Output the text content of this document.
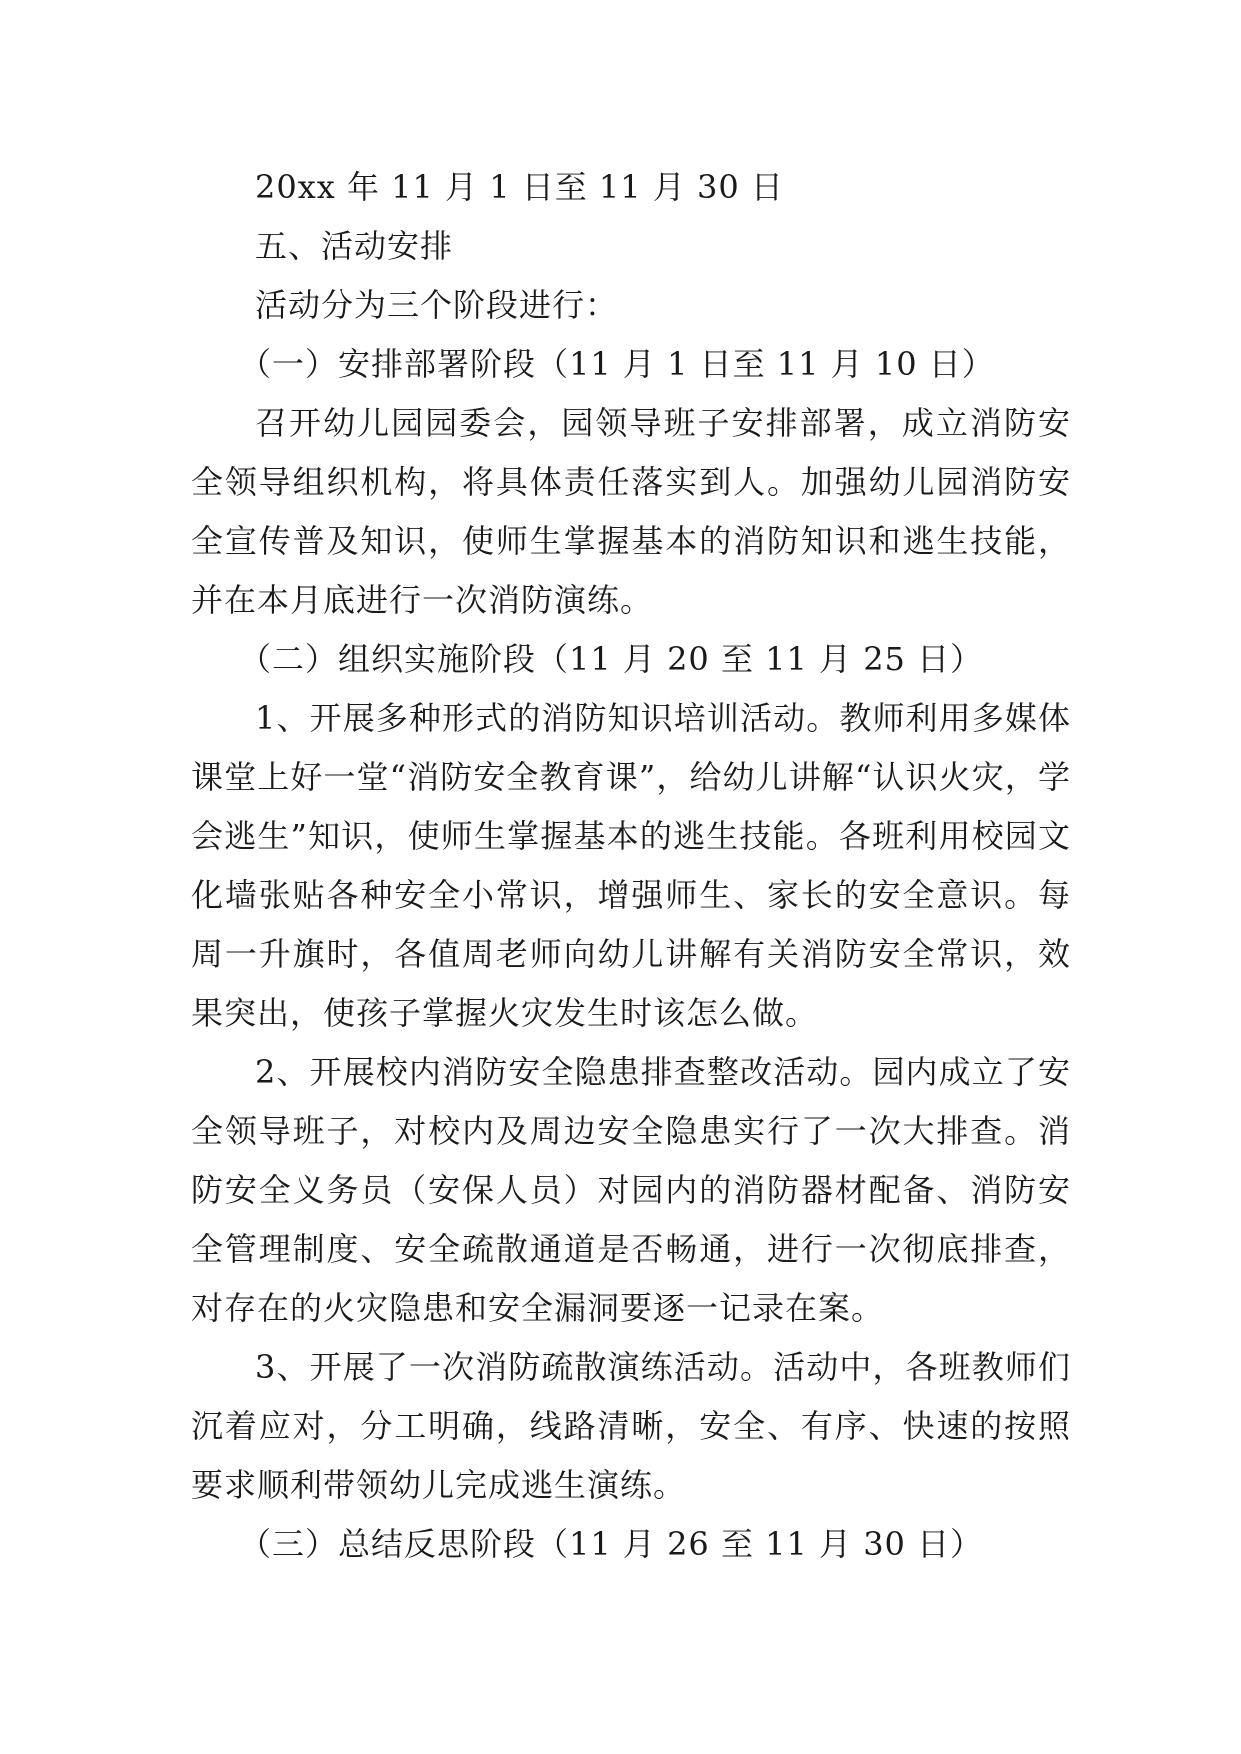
20xx 年 11 月 1 日至 11 月 30 日

五、活动安排

活动分为三个阶段进行：

（一）安排部署阶段（11 月 1 日至 11 月 10 日）

召开幼儿园园委会，园领导班子安排部署，成立消防安全领导组织机构，将具体责任落实到人。加强幼儿园消防安全宣传普及知识，使师生掌握基本的消防知识和逃生技能，并在本月底进行一次消防演练。

（二）组织实施阶段（11 月 20 至 11 月 25 日）

1、开展多种形式的消防知识培训活动。教师利用多媒体课堂上好一堂“消防安全教育课”，给幼儿讲解“认识火灾，学会逃生”知识，使师生掌握基本的逃生技能。各班利用校园文化墙张贴各种安全小常识，增强师生、家长的安全意识。每周一升旗时，各值周老师向幼儿讲解有关消防安全常识，效果突出，使孩子掌握火灾发生时该怎么做。

2、开展校内消防安全隐患排查整改活动。园内成立了安全领导班子，对校内及周边安全隐患实行了一次大排查。消防安全义务员（安保人员）对园内的消防器材配备、消防安全管理制度、安全疏散通道是否畅通，进行一次彻底排查，对存在的火灾隐患和安全漏洞要逐一记录在案。

3、开展了一次消防疏散演练活动。活动中，各班教师们沉着应对，分工明确，线路清晰，安全、有序、快速的按照要求顺利带领幼儿完成逃生演练。

（三）总结反思阶段（11 月 26 至 11 月 30 日）
